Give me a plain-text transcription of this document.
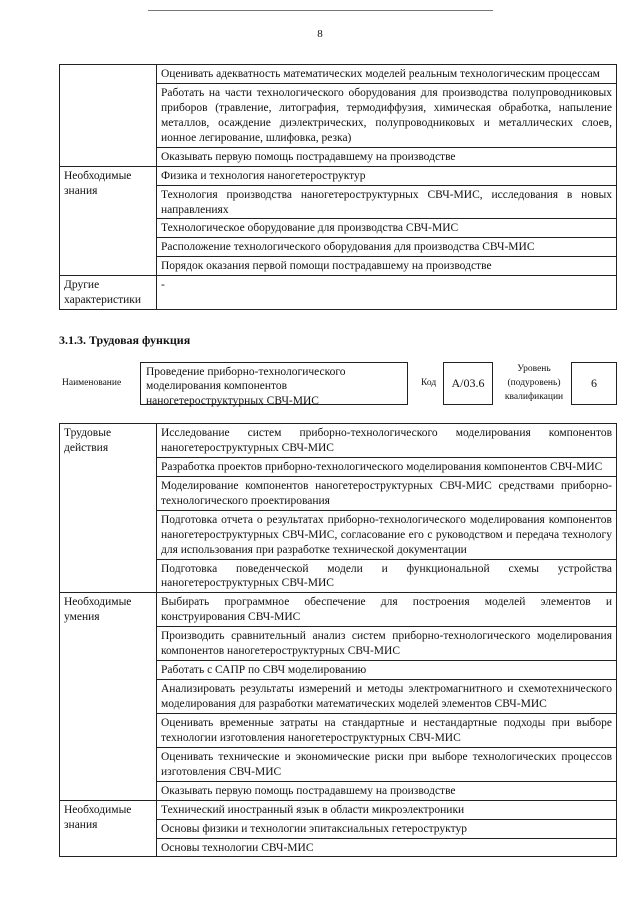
8
	Оценивать адекватность математических моделей реальным технологическим процессам
	Работать на части технологического оборудования для производства полупроводниковых приборов (травление, литография, термодиффузия, химическая обработка, напыление металлов, осаждение диэлектрических, полупроводниковых и металлических слоев, ионное легирование, шлифовка, резка)
	Оказывать первую помощь пострадавшему на производстве
Необходимые знания	Физика и технология наногетероструктур
	Технология производства наногетероструктурных СВЧ-МИС, исследования в новых направлениях
	Технологическое оборудование для производства СВЧ-МИС
	Расположение технологического оборудования для производства СВЧ-МИС
	Порядок оказания первой помощи пострадавшему на производстве
Другие характеристики	-
3.1.3. Трудовая функция
Наименование
Проведение приборно-технологического моделирования компонентов наногетероструктурных СВЧ-МИС
Код	A/03.6
Уровень (подуровень) квалификации
6
Трудовые действия	Исследование систем приборно-технологического моделирования компонентов наногетероструктурных СВЧ-МИС
	Разработка проектов приборно-технологического моделирования компонентов СВЧ-МИС
	Моделирование компонентов наногетероструктурных СВЧ-МИС средствами приборно-технологического проектирования
	Подготовка отчета о результатах приборно-технологического моделирования компонентов наногетероструктурных СВЧ-МИС, согласование его с руководством и передача технологу для использования при разработке технической документации
	Подготовка поведенческой модели и функциональной схемы устройства наногетероструктурных СВЧ-МИС
Необходимые умения	Выбирать программное обеспечение для построения моделей элементов и конструирования СВЧ-МИС
	Производить сравнительный анализ систем приборно-технологического моделирования компонентов наногетероструктурных СВЧ-МИС
	Работать с САПР по СВЧ моделированию
	Анализировать результаты измерений и методы электромагнитного и схемотехнического моделирования для разработки математических моделей элементов СВЧ-МИС
	Оценивать временные затраты на стандартные и нестандартные подходы при выборе технологии изготовления наногетероструктурных СВЧ-МИС
	Оценивать технические и экономические риски при выборе технологических процессов изготовления СВЧ-МИС
	Оказывать первую помощь пострадавшему на производстве
Необходимые знания	Технический иностранный язык в области микроэлектроники
	Основы физики и технологии эпитаксиальных гетероструктур
	Основы технологии СВЧ-МИС
